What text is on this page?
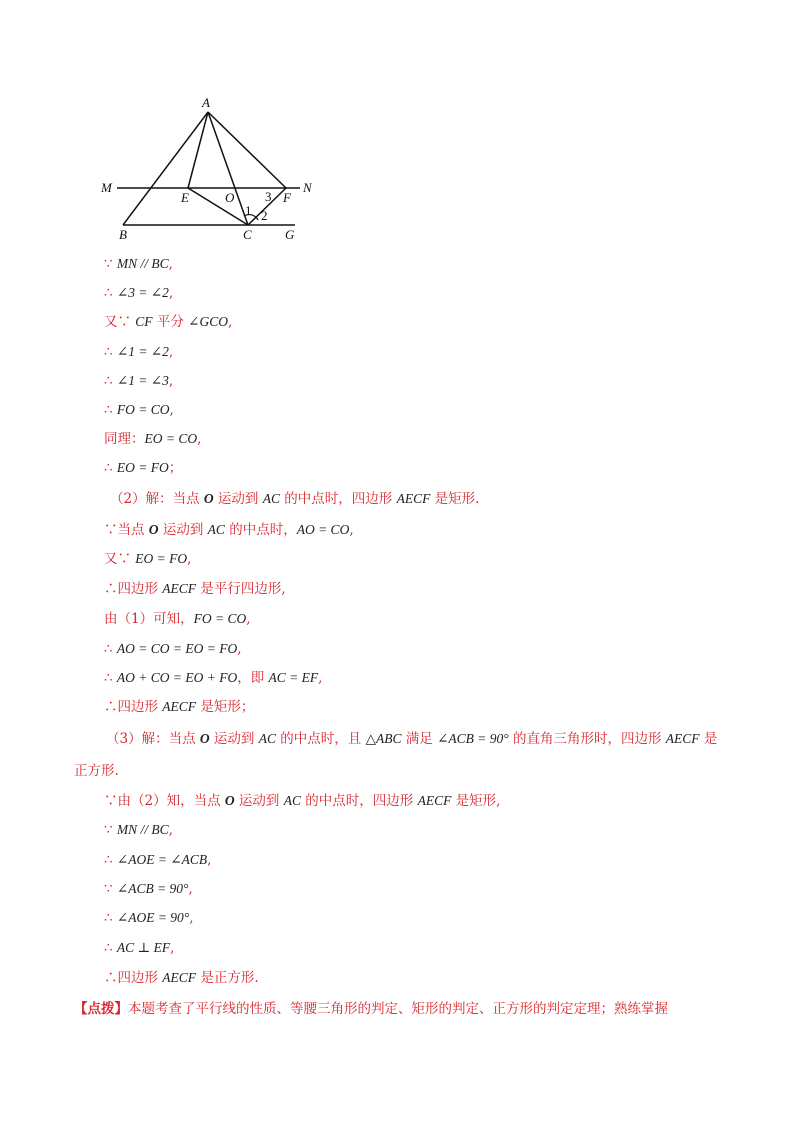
A
M	N
E	O 3 F
1 2
B	C	G
∵ MN // BC,
∴ ∠3 = ∠2,
又∵ CF 平分 ∠GCO,
∴ ∠1 = ∠2,
∴ ∠1 = ∠3,
∴ FO = CO,
同理：EO = CO,
∴ EO = FO；
（2）解：当点 O 运动到 AC 的中点时，四边形 AECF 是矩形.
∵当点 O 运动到 AC 的中点时，AO = CO,
又∵ EO = FO,
∴四边形 AECF 是平行四边形,
由（1）可知，FO = CO,
∴ AO = CO = EO = FO,
∴ AO + CO = EO + FO，即 AC = EF,
∴四边形 AECF 是矩形；
（3）解：当点 O 运动到 AC 的中点时，且 △ABC 满足 ∠ACB = 90° 的直角三角形时，四边形 AECF 是
正方形.
∵由（2）知，当点 O 运动到 AC 的中点时，四边形 AECF 是矩形,
∵ MN // BC,
∴ ∠AOE = ∠ACB,
∵ ∠ACB = 90°,
∴ ∠AOE = 90°,
∴ AC ⊥ EF,
∴四边形 AECF 是正方形.
【点拨】本题考查了平行线的性质、等腰三角形的判定、矩形的判定、正方形的判定定理；熟练掌握
